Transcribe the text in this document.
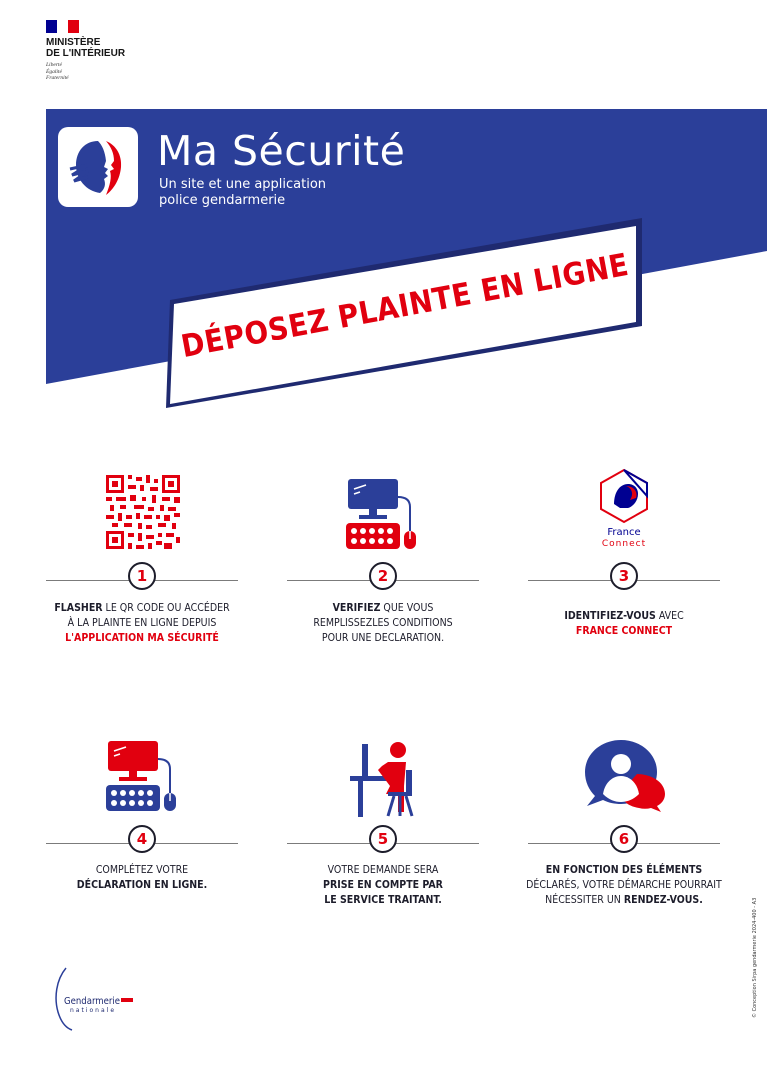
MINISTÈRE
DE L'INTÉRIEUR
Liberté
Égalité
Fraternité
Ma Sécurité
Un site et une application
police gendarmerie
DÉPOSEZ PLAINTE EN LIGNE
France
Connect
1	2	3
4	5	6
FLASHER LE QR CODE OU ACCÉDER
À LA PLAINTE EN LIGNE DEPUIS
L'APPLICATION MA SÉCURITÉ
VERIFIEZ QUE VOUS
REMPLISSEZLES CONDITIONS
POUR UNE DECLARATION.
IDENTIFIEZ-VOUS AVEC
FRANCE CONNECT
COMPLÉTEZ VOTRE
DÉCLARATION EN LIGNE.
VOTRE DEMANDE SERA
PRISE EN COMPTE PAR
LE SERVICE TRAITANT.
EN FONCTION DES ÉLÉMENTS
DÉCLARÉS, VOTRE DÉMARCHE POURRAIT
NÉCESSITER UN RENDEZ-VOUS.
Gendarmerie
nationale	© Conception Sirpa gendarmerie 2024-400 - A3
